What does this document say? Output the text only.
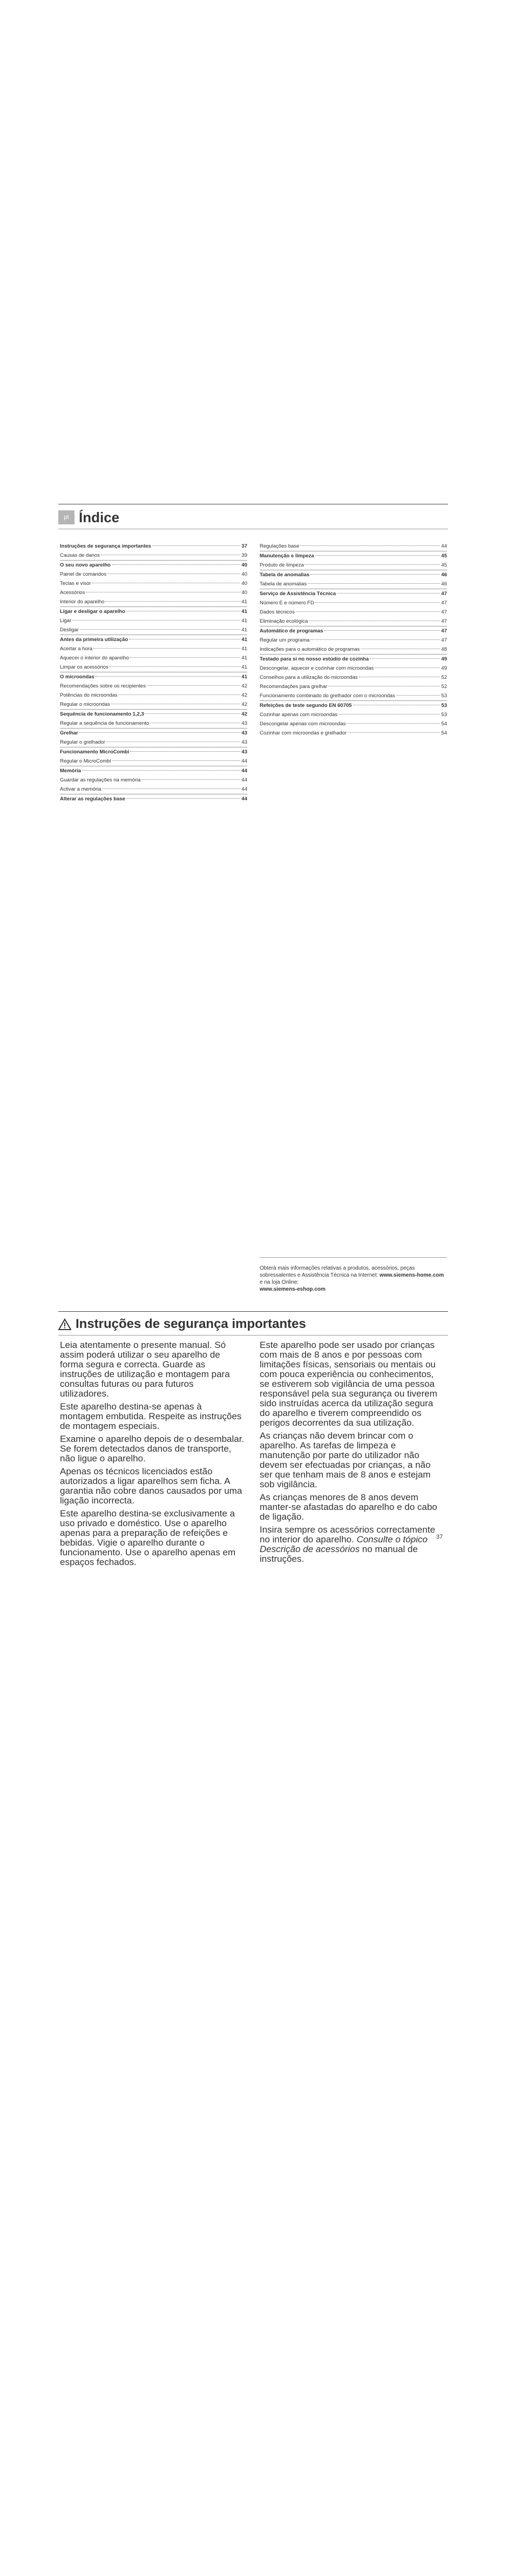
pt Índice
Instruções de segurança importantes	37
Causas de danos	39
O seu novo aparelho	40
Painel de comandos	40
Teclas e visor	40
Acessórios	40
Interior do aparelho	41
Ligar e desligar o aparelho	41
Ligar	41
Desligar	41
Antes da primeira utilização	41
Acertar a hora	41
Aquecer o interior do aparelho	41
Limpar os acessórios	41
O microondas	41
Recomendações sobre os recipientes	42
Potências do microondas	42
Regular o microondas	42
Sequência de funcionamento 1,2,3	42
Regular a sequência de funcionamento	43
Grelhar	43
Regular o grelhador	43
Funcionamento MicroCombi	43
Regular o MicroCombi	44
Memória	44
Guardar as regulações na memória	44
Activar a memória	44
Alterar as regulações base	44
Regulações base	44
Manutenção e limpeza	45
Produto de limpeza	45
Tabela de anomalias	46
Tabela de anomalias	46
Serviço de Assistência Técnica	47
Número E e número FD	47
Dados técnicos	47
Eliminação ecológica	47
Automático de programas	47
Regular um programa	47
Indicações para o automático de programas	48
Testado para si no nosso estúdio de cozinha	49
Descongelar, aquecer e cozinhar com microondas	49
Conselhos para a utilização do microondas	52
Recomendações para grelhar	52
Funcionamento combinado do grelhador com o microondas	53
Refeições de teste segundo EN 60705	53
Cozinhar apenas com microondas	53
Descongelar apenas com microondas	54
Cozinhar com microondas e grelhador	54
Obterá mais informações relativas a produtos, acessórios, peças sobressalentes e Assistência Técnica na Internet: www.siemens-home.com e na loja Online:
www.siemens-eshop.com
Instruções de segurança importantes

Leia atentamente o presente manual. Só assim poderá utilizar o seu aparelho de forma segura e correcta. Guarde as instruções de utilização e montagem para consultas futuras ou para futuros utilizadores.

Este aparelho destina-se apenas à montagem embutida. Respeite as instruções de montagem especiais.

Examine o aparelho depois de o desembalar. Se forem detectados danos de transporte, não ligue o aparelho.

Apenas os técnicos licenciados estão autorizados a ligar aparelhos sem ficha. A garantia não cobre danos causados por uma ligação incorrecta.

Este aparelho destina-se exclusivamente a uso privado e doméstico. Use o aparelho apenas para a preparação de refeições e bebidas. Vigie o aparelho durante o funcionamento. Use o aparelho apenas em espaços fechados.

Este aparelho pode ser usado por crianças com mais de 8 anos e por pessoas com limitações físicas, sensoriais ou mentais ou com pouca experiência ou conhecimentos, se estiverem sob vigilância de uma pessoa responsável pela sua segurança ou tiverem sido instruídas acerca da utilização segura do aparelho e tiverem compreendido os perigos decorrentes da sua utilização.

As crianças não devem brincar com o aparelho. As tarefas de limpeza e manutenção por parte do utilizador não devem ser efectuadas por crianças, a não ser que tenham mais de 8 anos e estejam sob vigilância.

As crianças menores de 8 anos devem manter-se afastadas do aparelho e do cabo de ligação.

Insira sempre os acessórios correctamente no interior do aparelho. Consulte o tópico Descrição de acessórios no manual de instruções.

37
